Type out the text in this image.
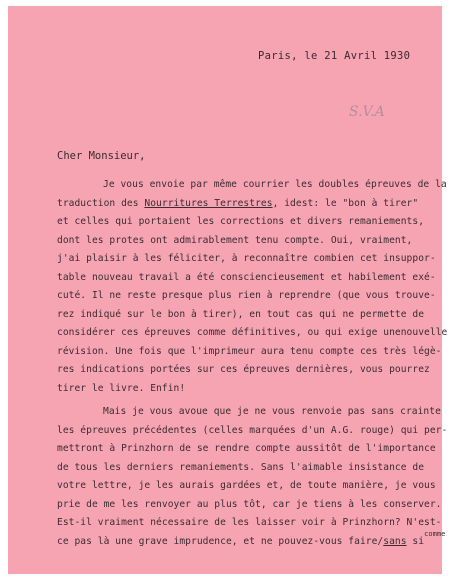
Paris, le 21 Avril 1930
S.V.A
Cher Monsieur,
Je vous envoie par même courrier les doubles épreuves de la
traduction des Nourritures Terrestres, idest: le "bon à tirer"
et celles qui portaient les corrections et divers remaniements,
dont les protes ont admirablement tenu compte. Oui, vraiment,
j'ai plaisir à les féliciter, à reconnaître combien cet insuppor-
table nouveau travail a été consciencieusement et habilement exé-
cuté. Il ne reste presque plus rien à reprendre (que vous trouve-
rez indiqué sur le bon à tirer), en tout cas qui ne permette de
considérer ces épreuves comme définitives, ou qui exige unenouvelle
révision. Une fois que l'imprimeur aura tenu compte ces très légè-
res indications portées sur ces épreuves dernières, vous pourrez
tirer le livre. Enfin!
Mais je vous avoue que je ne vous renvoie pas sans crainte
les épreuves précédentes (celles marquées d'un A.G. rouge) qui per-
mettront à Prinzhorn de se rendre compte aussitôt de l'importance
de tous les derniers remaniements. Sans l'aimable insistance de
votre lettre, je les aurais gardées et, de toute manière, je vous
prie de me les renvoyer au plus tôt, car je tiens à les conserver.
Est-il vraiment nécessaire de les laisser voir à Prinzhorn? N'est-
ce pas là une grave imprudence, et ne pouvez-vous faire/sans $si^{comme}$
